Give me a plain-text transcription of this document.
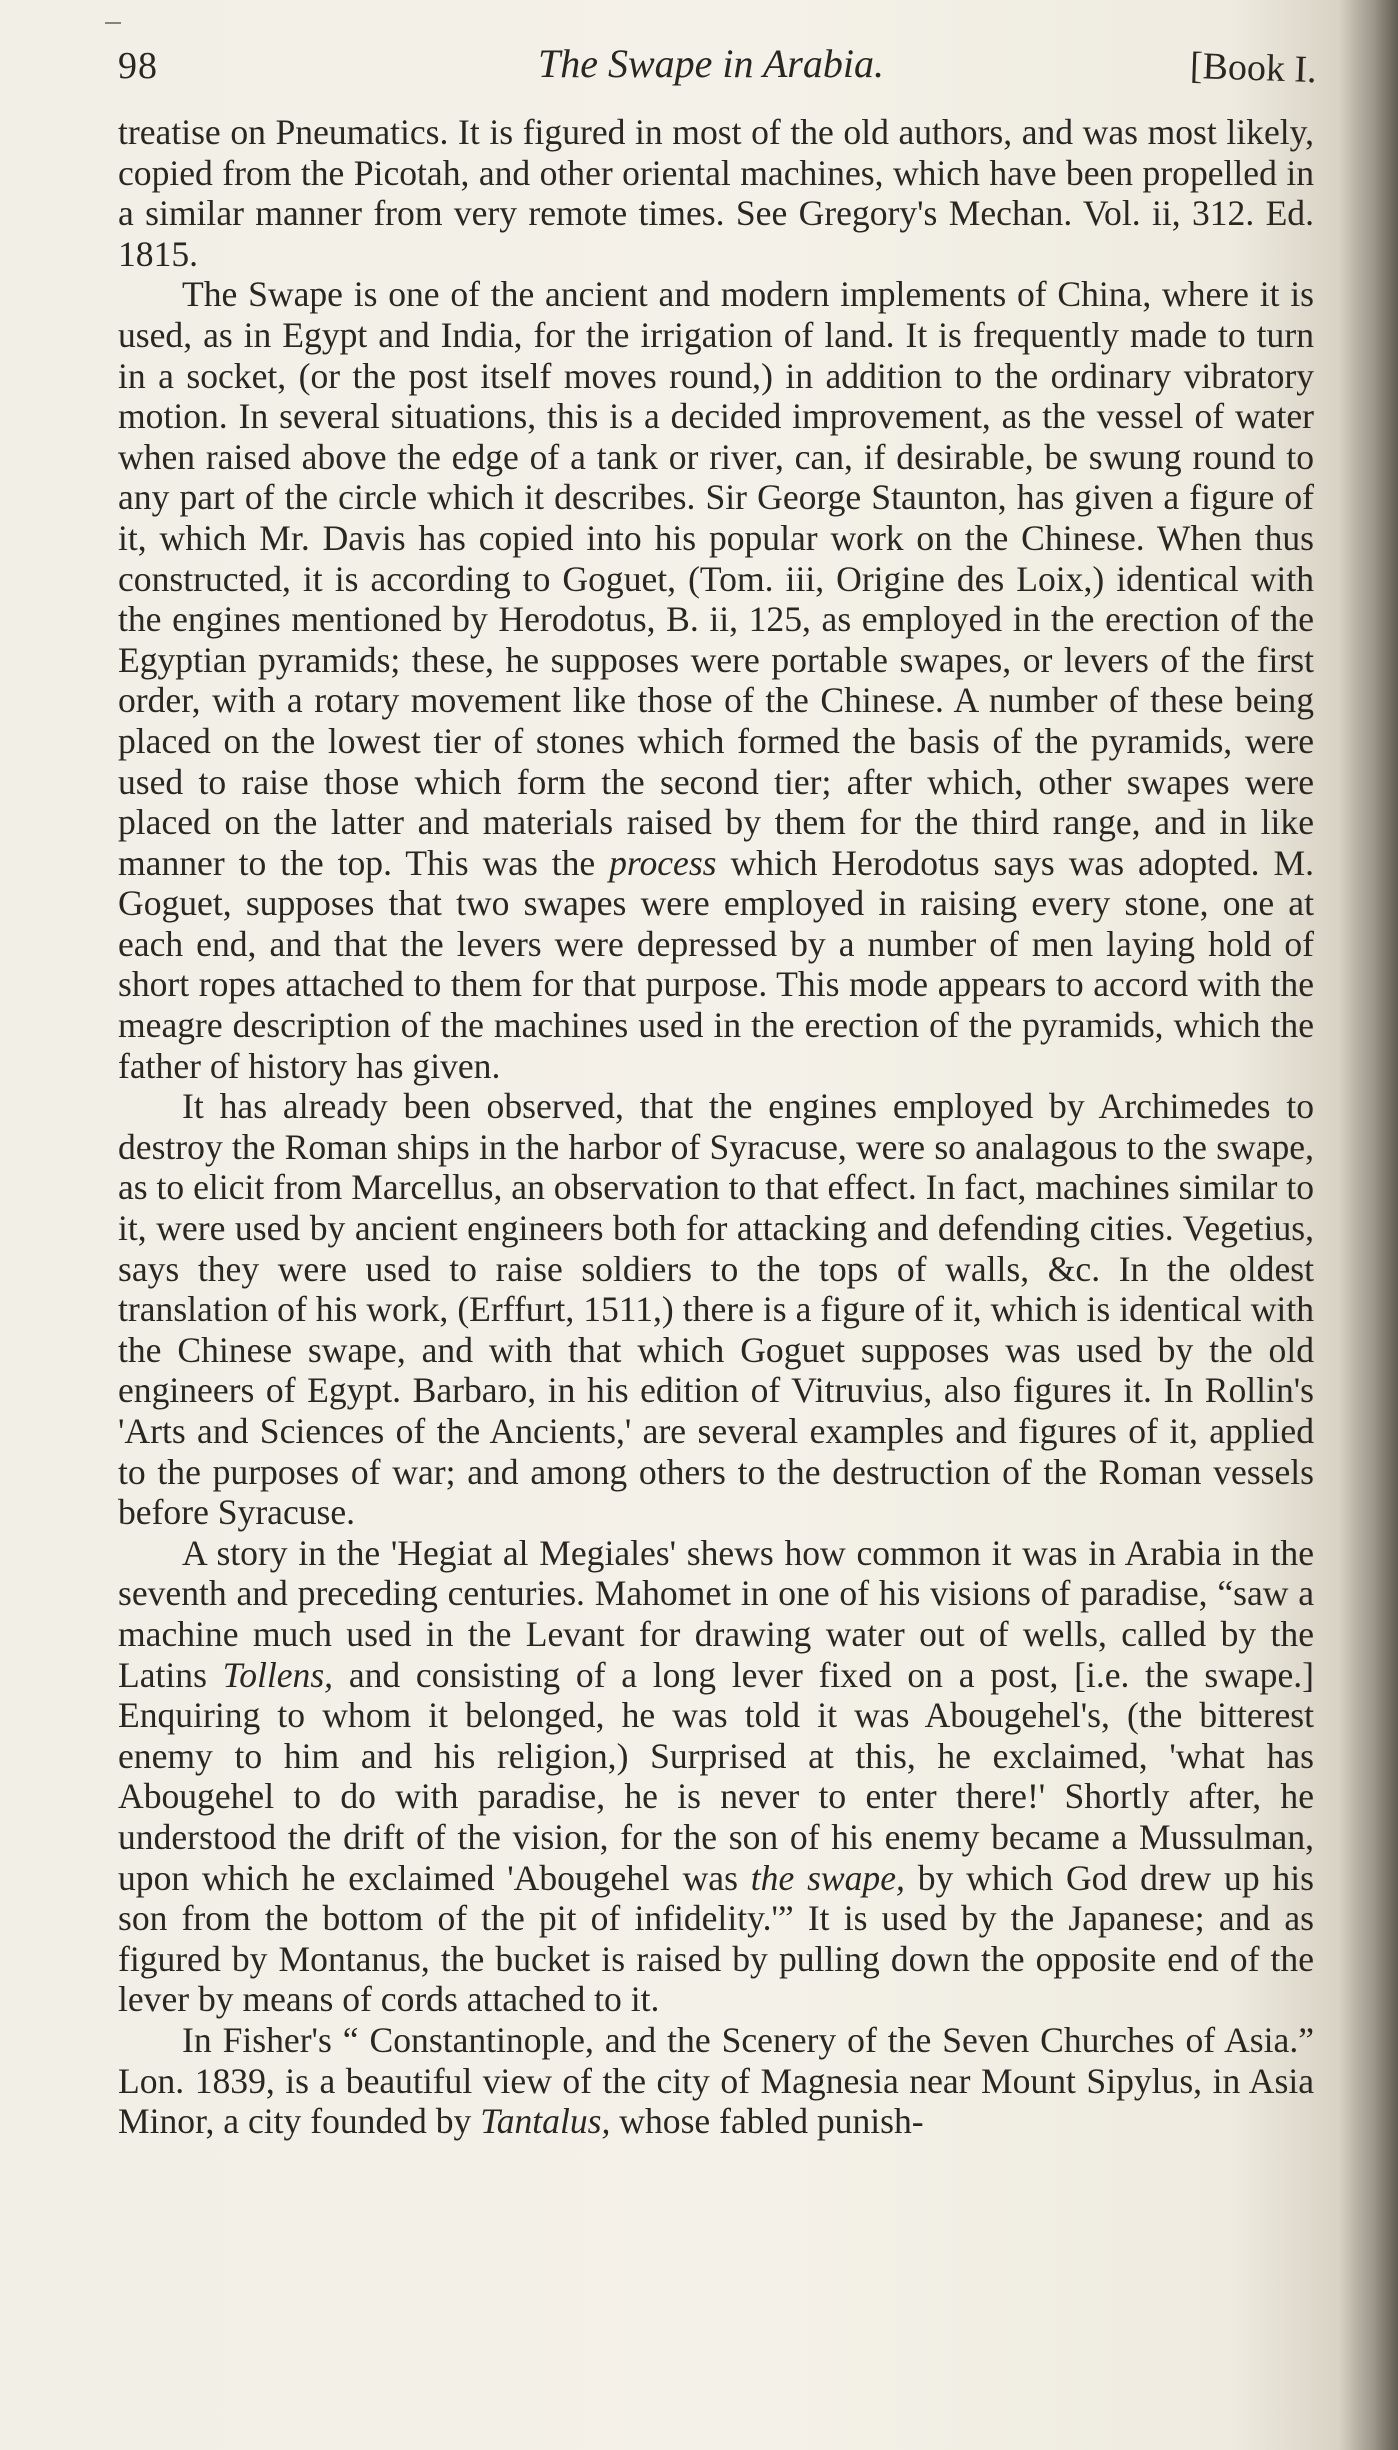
98	The Swape in Arabia.	[Book I.

treatise on Pneumatics. It is figured in most of the old authors, and was most likely, copied from the Picotah, and other oriental machines, which have been propelled in a similar manner from very remote times. See Gregory's Mechan. Vol. ii, 312. Ed. 1815.

The Swape is one of the ancient and modern implements of China, where it is used, as in Egypt and India, for the irrigation of land. It is frequently made to turn in a socket, (or the post itself moves round,) in addition to the ordinary vibratory motion. In several situations, this is a decided improvement, as the vessel of water when raised above the edge of a tank or river, can, if desirable, be swung round to any part of the circle which it describes. Sir George Staunton, has given a figure of it, which Mr. Davis has copied into his popular work on the Chinese. When thus constructed, it is according to Goguet, (Tom. iii, Origine des Loix,) identical with the engines mentioned by Herodotus, B. ii, 125, as employed in the erection of the Egyptian pyramids; these, he supposes were portable swapes, or levers of the first order, with a rotary movement like those of the Chinese. A number of these being placed on the lowest tier of stones which formed the basis of the pyramids, were used to raise those which form the second tier; after which, other swapes were placed on the latter and materials raised by them for the third range, and in like manner to the top. This was the process which Herodotus says was adopted. M. Goguet, supposes that two swapes were employed in raising every stone, one at each end, and that the levers were depressed by a number of men laying hold of short ropes attached to them for that purpose. This mode appears to accord with the meagre description of the machines used in the erection of the pyramids, which the father of history has given.

It has already been observed, that the engines employed by Archimedes to destroy the Roman ships in the harbor of Syracuse, were so analagous to the swape, as to elicit from Marcellus, an observation to that effect. In fact, machines similar to it, were used by ancient engineers both for attacking and defending cities. Vegetius, says they were used to raise soldiers to the tops of walls, &c. In the oldest translation of his work, (Erffurt, 1511,) there is a figure of it, which is identical with the Chinese swape, and with that which Goguet supposes was used by the old engineers of Egypt. Barbaro, in his edition of Vitruvius, also figures it. In Rollin's 'Arts and Sciences of the Ancients,' are several examples and figures of it, applied to the purposes of war; and among others to the destruction of the Roman vessels before Syracuse.

A story in the 'Hegiat al Megiales' shews how common it was in Arabia in the seventh and preceding centuries. Mahomet in one of his visions of paradise, “saw a machine much used in the Levant for drawing water out of wells, called by the Latins Tollens, and consisting of a long lever fixed on a post, [i.e. the swape.] Enquiring to whom it belonged, he was told it was Abougehel's, (the bitterest enemy to him and his religion,) Surprised at this, he exclaimed, 'what has Abougehel to do with paradise, he is never to enter there!' Shortly after, he understood the drift of the vision, for the son of his enemy became a Mussulman, upon which he exclaimed 'Abougehel was the swape, by which God drew up his son from the bottom of the pit of infidelity.'” It is used by the Japanese; and as figured by Montanus, the bucket is raised by pulling down the opposite end of the lever by means of cords attached to it.

In Fisher's “ Constantinople, and the Scenery of the Seven Churches of Asia.” Lon. 1839, is a beautiful view of the city of Magnesia near Mount Sipylus, in Asia Minor, a city founded by Tantalus, whose fabled punish-
